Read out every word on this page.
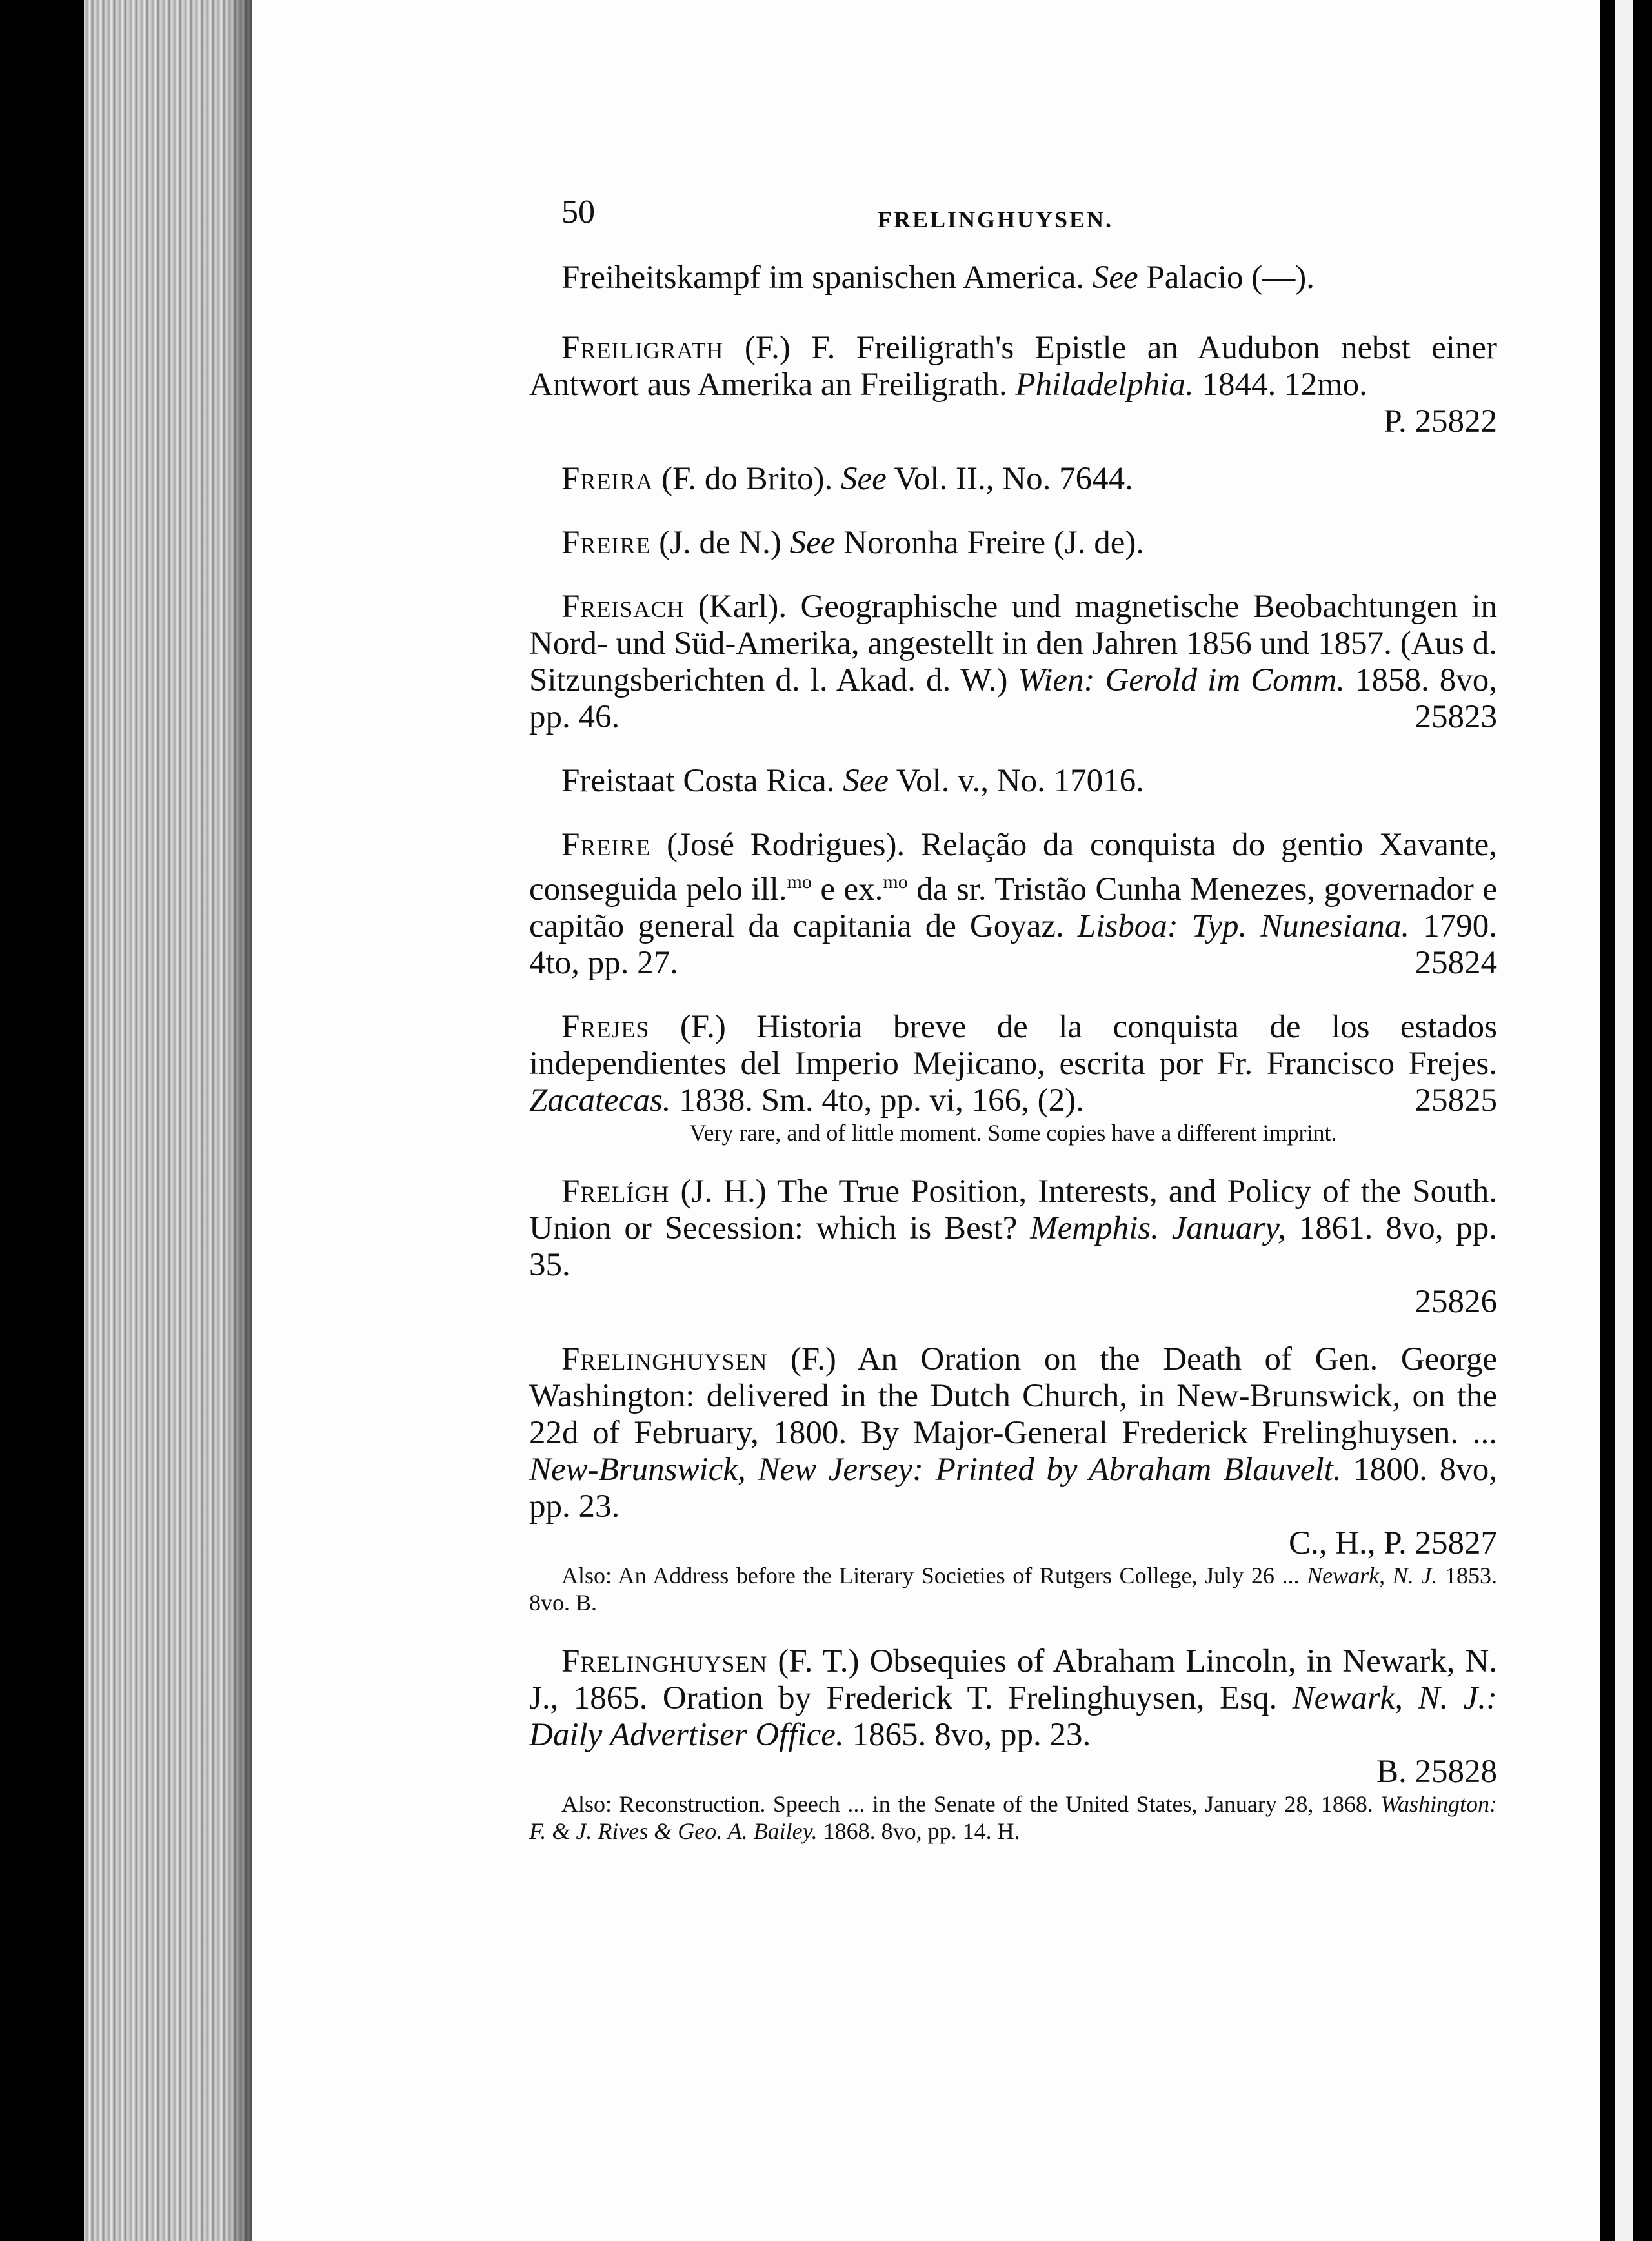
50	FRELINGHUYSEN.

Freiheitskampf im spanischen America. See Palacio (—).

Freiligrath (F.) F. Freiligrath's Epistle an Audubon nebst einer Antwort aus Amerika an Freiligrath. Philadelphia. 1844. 12mo.

P. 25822

Freira (F. do Brito). See Vol. II., No. 7644.

Freire (J. de N.) See Noronha Freire (J. de).

Freisach (Karl). Geographische und magnetische Beobachtungen in Nord- und Süd-Amerika, angestellt in den Jahren 1856 und 1857. (Aus d. Sitzungsberichten d. l. Akad. d. W.) Wien: Gerold im Comm. 1858. 8vo, pp. 46.	25823

Freistaat Costa Rica. See Vol. v., No. 17016.

Freire (José Rodrigues). Relação da conquista do gentio Xavante, conseguida pelo ill.$^{mo}$ e ex.$^{mo}$ da sr. Tristão Cunha Menezes, governador e capitão general da capitania de Goyaz. Lisboa: Typ. Nunesiana. 1790. 4to, pp. 27.	25824

Frejes (F.) Historia breve de la conquista de los estados independientes del Imperio Mejicano, escrita por Fr. Francisco Frejes. Zacatecas. 1838. Sm. 4to, pp. vi, 166, (2).	25825

Very rare, and of little moment. Some copies have a different imprint.

Frelígh (J. H.) The True Position, Interests, and Policy of the South. Union or Secession: which is Best? Memphis. January, 1861. 8vo, pp. 35.

25826

Frelinghuysen (F.) An Oration on the Death of Gen. George Washington: delivered in the Dutch Church, in New-Brunswick, on the 22d of February, 1800. By Major-General Frederick Frelinghuysen. ... New-Brunswick, New Jersey: Printed by Abraham Blauvelt. 1800. 8vo, pp. 23.

C., H., P. 25827

Also: An Address before the Literary Societies of Rutgers College, July 26 ... Newark, N. J. 1853. 8vo. B.

Frelinghuysen (F. T.) Obsequies of Abraham Lincoln, in Newark, N. J., 1865. Oration by Frederick T. Frelinghuysen, Esq. Newark, N. J.: Daily Advertiser Office. 1865. 8vo, pp. 23.

B. 25828

Also: Reconstruction. Speech ... in the Senate of the United States, January 28, 1868. Washington: F. & J. Rives & Geo. A. Bailey. 1868. 8vo, pp. 14. H.
